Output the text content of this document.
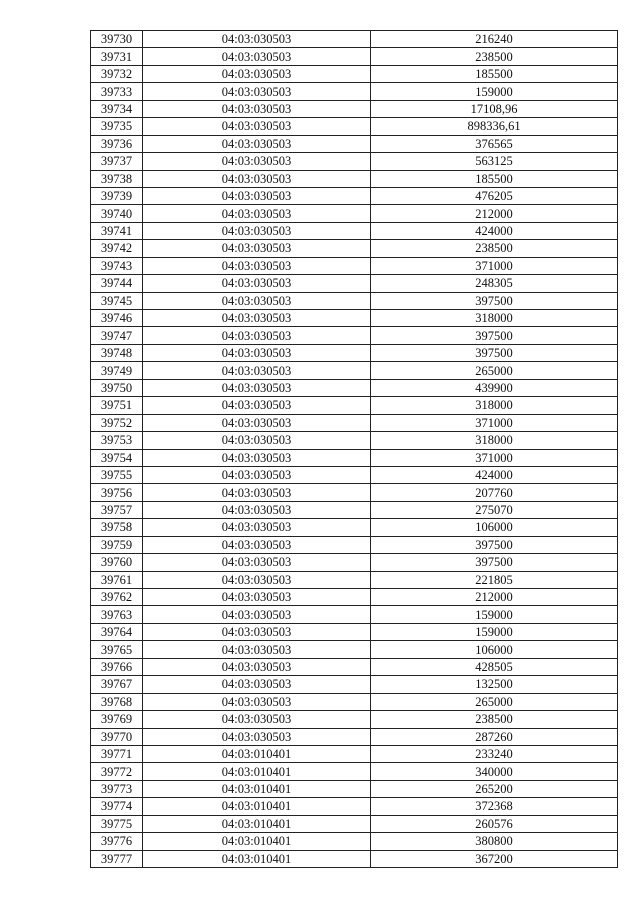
39730	04:03:030503	216240
39731	04:03:030503	238500
39732	04:03:030503	185500
39733	04:03:030503	159000
39734	04:03:030503	17108,96
39735	04:03:030503	898336,61
39736	04:03:030503	376565
39737	04:03:030503	563125
39738	04:03:030503	185500
39739	04:03:030503	476205
39740	04:03:030503	212000
39741	04:03:030503	424000
39742	04:03:030503	238500
39743	04:03:030503	371000
39744	04:03:030503	248305
39745	04:03:030503	397500
39746	04:03:030503	318000
39747	04:03:030503	397500
39748	04:03:030503	397500
39749	04:03:030503	265000
39750	04:03:030503	439900
39751	04:03:030503	318000
39752	04:03:030503	371000
39753	04:03:030503	318000
39754	04:03:030503	371000
39755	04:03:030503	424000
39756	04:03:030503	207760
39757	04:03:030503	275070
39758	04:03:030503	106000
39759	04:03:030503	397500
39760	04:03:030503	397500
39761	04:03:030503	221805
39762	04:03:030503	212000
39763	04:03:030503	159000
39764	04:03:030503	159000
39765	04:03:030503	106000
39766	04:03:030503	428505
39767	04:03:030503	132500
39768	04:03:030503	265000
39769	04:03:030503	238500
39770	04:03:030503	287260
39771	04:03:010401	233240
39772	04:03:010401	340000
39773	04:03:010401	265200
39774	04:03:010401	372368
39775	04:03:010401	260576
39776	04:03:010401	380800
39777	04:03:010401	367200
